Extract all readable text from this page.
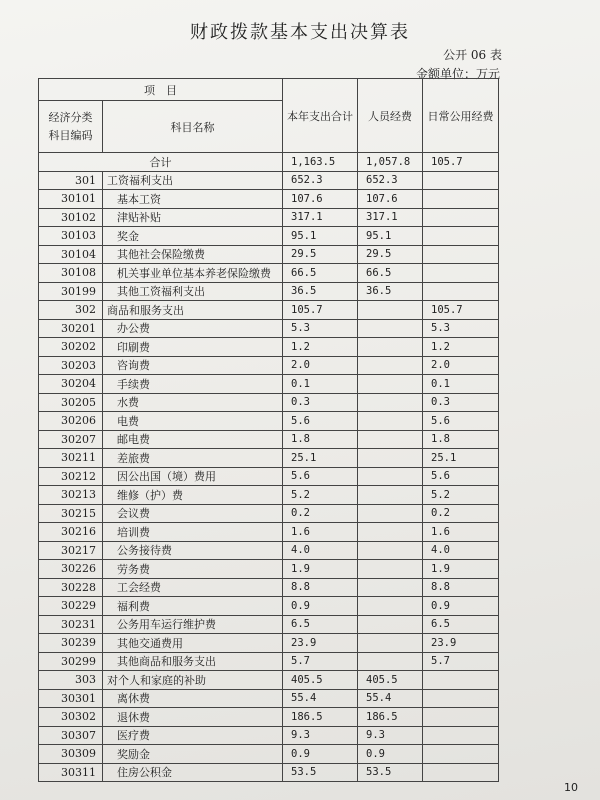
财政拨款基本支出决算表
公开 06 表
金额单位：万元
项　目		本年支出合计	人员经费	日常公用经费
经济分类
科目编码	科目名称			
合计		1,163.5	1,057.8	105.7
301	工资福利支出	652.3	652.3	
30101	基本工资	107.6	107.6	
30102	津贴补贴	317.1	317.1	
30103	奖金	95.1	95.1	
30104	其他社会保险缴费	29.5	29.5	
30108	机关事业单位基本养老保险缴费	66.5	66.5	
30199	其他工资福利支出	36.5	36.5	
302	商品和服务支出	105.7		105.7
30201	办公费	5.3		5.3
30202	印刷费	1.2		1.2
30203	咨询费	2.0		2.0
30204	手续费	0.1		0.1
30205	水费	0.3		0.3
30206	电费	5.6		5.6
30207	邮电费	1.8		1.8
30211	差旅费	25.1		25.1
30212	因公出国（境）费用	5.6		5.6
30213	维修（护）费	5.2		5.2
30215	会议费	0.2		0.2
30216	培训费	1.6		1.6
30217	公务接待费	4.0		4.0
30226	劳务费	1.9		1.9
30228	工会经费	8.8		8.8
30229	福利费	0.9		0.9
30231	公务用车运行维护费	6.5		6.5
30239	其他交通费用	23.9		23.9
30299	其他商品和服务支出	5.7		5.7
303	对个人和家庭的补助	405.5	405.5	
30301	离休费	55.4	55.4	
30302	退休费	186.5	186.5	
30307	医疗费	9.3	9.3	
30309	奖励金	0.9	0.9	
30311	住房公积金	53.5	53.5	
10
